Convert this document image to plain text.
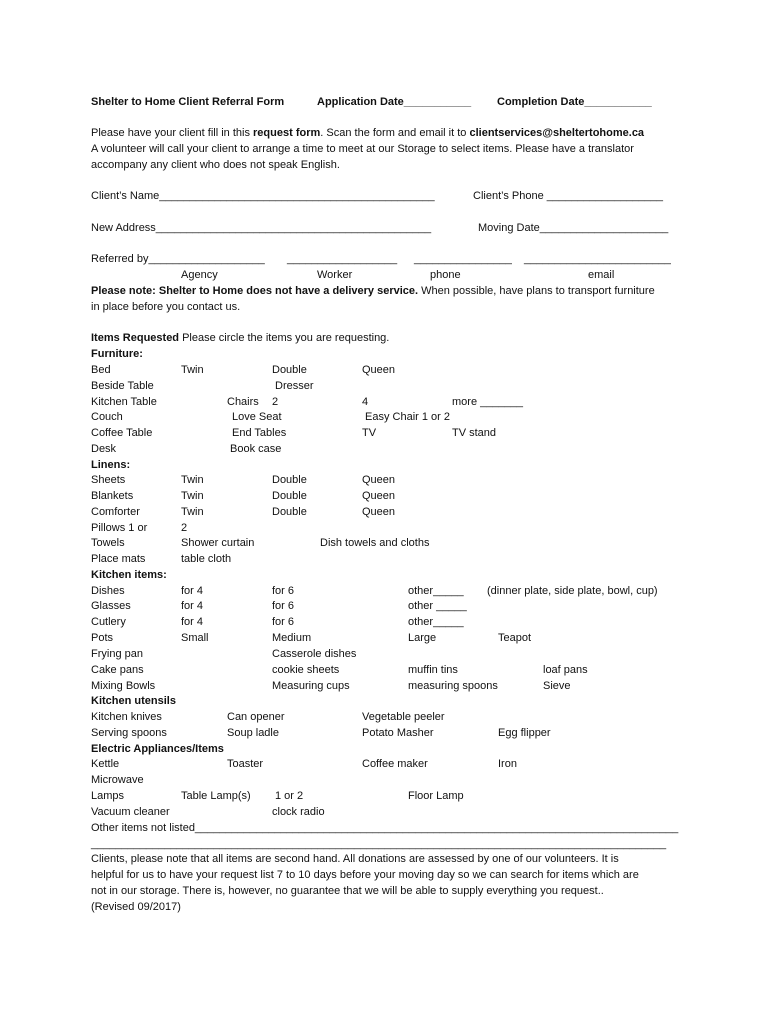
Shelter to Home Client Referral Form	Application Date___________ Completion Date___________
Please have your client fill in this request form. Scan the form and email it to clientservices@sheltertohome.ca
A volunteer will call your client to arrange a time to meet at our Storage to select items. Please have a translator
accompany any client who does not speak English.
Client’s Name_____________________________________________	Client’s Phone ___________________
New Address_____________________________________________	Moving Date_____________________
Referred by___________________ __________________ ________________ ________________________
Agency	Worker	phone	email
Please note: Shelter to Home does not have a delivery service. When possible, have plans to transport furniture
in place before you contact us.
Items Requested Please circle the items you are requesting.
Furniture:
Bed	Twin	Double	Queen
Beside Table	Dresser
Kitchen Table	Chairs 2	4	more _______
Couch	Love Seat	Easy Chair 1 or 2
Coffee Table	End Tables	TV	TV stand
Desk	Book case
Linens:
Sheets	Twin	Double	Queen
Blankets	Twin	Double	Queen
Comforter	Twin	Double	Queen
Pillows 1 or	2
Towels	Shower curtain	Dish towels and cloths
Place mats	table cloth
Kitchen items:
Dishes	for 4	for 6	other_____ (dinner plate, side plate, bowl, cup)
Glasses	for 4	for 6	other _____
Cutlery	for 4	for 6	other_____
Pots	Small	Medium	Large	Teapot
Frying pan	Casserole dishes
Cake pans	cookie sheets	muffin tins	loaf pans
Mixing Bowls	Measuring cups	measuring spoons	Sieve
Kitchen utensils
Kitchen knives	Can opener	Vegetable peeler
Serving spoons	Soup ladle	Potato Masher	Egg flipper
Electric Appliances/Items
Kettle	Toaster	Coffee maker	Iron
Microwave
Lamps	Table Lamp(s) 1 or 2	Floor Lamp
Vacuum cleaner	clock radio
Other items not listed_______________________________________________________________________________
______________________________________________________________________________________________
Clients, please note that all items are second hand. All donations are assessed by one of our volunteers. It is
helpful for us to have your request list 7 to 10 days before your moving day so we can search for items which are
not in our storage. There is, however, no guarantee that we will be able to supply everything you request..
(Revised 09/2017)
